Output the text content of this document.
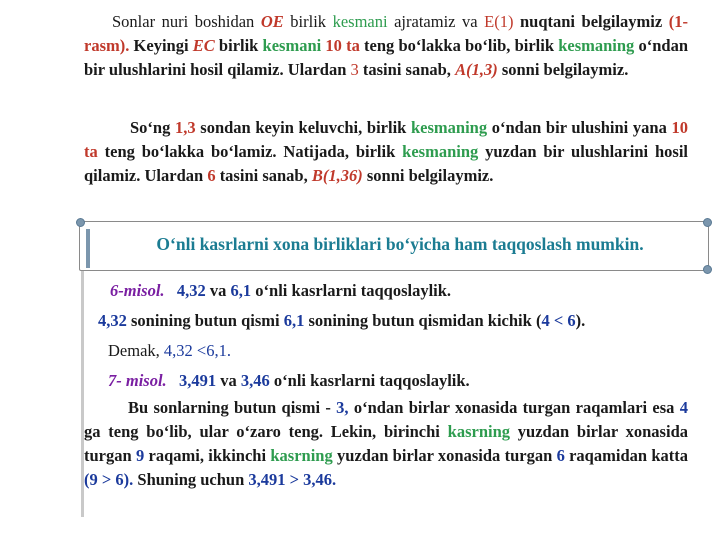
Sonlar nuri boshidan OE birlik kesmani ajratamiz va E(1) nuqtani belgilaymiz (1- rasm). Keyingi EC birlik kesmani 10 ta teng bo‘lakka bo‘lib, birlik kesmaning o‘ndan bir ulushlarini hosil qilamiz. Ulardan 3 tasini sanab, A(1,3) sonni belgilaymiz.

So‘ng 1,3 sondan keyin keluvchi, birlik kesmaning o‘ndan bir ulushini yana 10 ta teng bo‘lakka bo‘lamiz. Natijada, birlik kesmaning yuzdan bir ulushlarini hosil qilamiz. Ulardan 6 tasini sanab, B(1,36) sonni belgilaymiz.

O‘nli kasrlarni xona birliklari bo‘yicha ham taqqoslash mumkin.
6-misol. 4,32 va 6,1 o‘nli kasrlarni taqqoslaylik.
4,32 sonining butun qismi 6,1 sonining butun qismidan kichik (4 < 6).
Demak, 4,32 <6,1.
7- misol. 3,491 va 3,46 o‘nli kasrlarni taqqoslaylik.

Bu sonlarning butun qismi - 3, o‘ndan birlar xonasida turgan raqamlari esa 4 ga teng bo‘lib, ular o‘zaro teng. Lekin, birinchi kasrning yuzdan birlar xonasida turgan 9 raqami, ikkinchi kasrning yuzdan birlar xonasida turgan 6 raqamidan katta (9 > 6). Shuning uchun 3,491 > 3,46.
